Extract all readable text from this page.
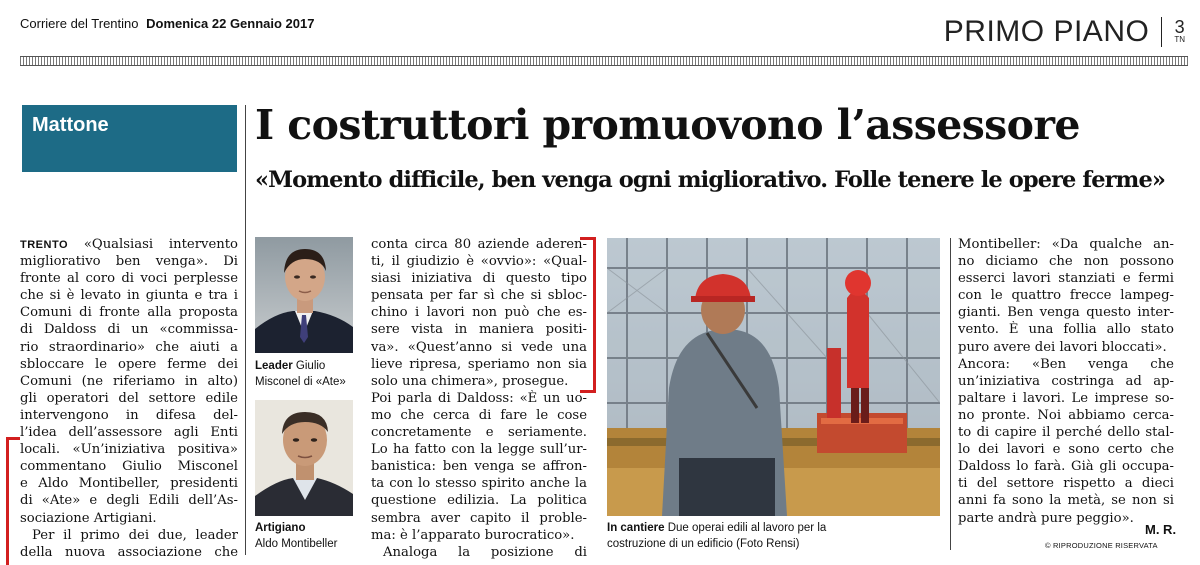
Corriere del Trentino Domenica 22 Gennaio 2017	PRIMO PIANO 3
TN
Mattone	I costruttori promuovono l’assessore
«Momento difficile, ben venga ogni migliorativo. Folle tenere le opere ferme»
TRENTO «Qualsiasi intervento
migliorativo ben venga». Di
fronte al coro di voci perplesse
che si è levato in giunta e tra i
Comuni di fronte alla proposta
di Daldoss di un «commissa-
rio straordinario» che aiuti a
sbloccare le opere ferme dei
Comuni (ne riferiamo in alto)
gli operatori del settore edile
intervengono in difesa del-
l’idea dell’assessore agli Enti
locali. «Un’iniziativa positiva»
commentano Giulio Misconel
e Aldo Montibeller, presidenti
di «Ate» e degli Edili dell’As-
sociazione Artigiani.
Per il primo dei due, leader
della nuova associazione che
Leader Giulio
Misconel di «Ate»
Artigiano
Aldo Montibeller
conta circa 80 aziende aderen-
ti, il giudizio è «ovvio»: «Qual-
siasi iniziativa di questo tipo
pensata per far sì che si sbloc-
chino i lavori non può che es-
sere vista in maniera positi-
va». «Quest’anno si vede una
lieve ripresa, speriamo non sia
solo una chimera», prosegue.
Poi parla di Daldoss: «È un uo-
mo che cerca di fare le cose
concretamente e seriamente.
Lo ha fatto con la legge sull’ur-
banistica: ben venga se affron-
ta con lo stesso spirito anche la
questione edilizia. La politica
sembra aver capito il proble-
ma: è l’apparato burocratico».
Analoga la posizione di
In cantiere Due operai edili al lavoro per la
costruzione di un edificio (Foto Rensi)
Montibeller: «Da qualche an-
no diciamo che non possono
esserci lavori stanziati e fermi
con le quattro frecce lampeg-
gianti. Ben venga questo inter-
vento. È una follia allo stato
puro avere dei lavori bloccati».
Ancora: «Ben venga che
un’iniziativa costringa ad ap-
paltare i lavori. Le imprese so-
no pronte. Noi abbiamo cerca-
to di capire il perché dello stal-
lo dei lavori e sono certo che
Daldoss lo farà. Già gli occupa-
ti del settore rispetto a dieci
anni fa sono la metà, se non si
parte andrà pure peggio».
M. R.
© RIPRODUZIONE RISERVATA
